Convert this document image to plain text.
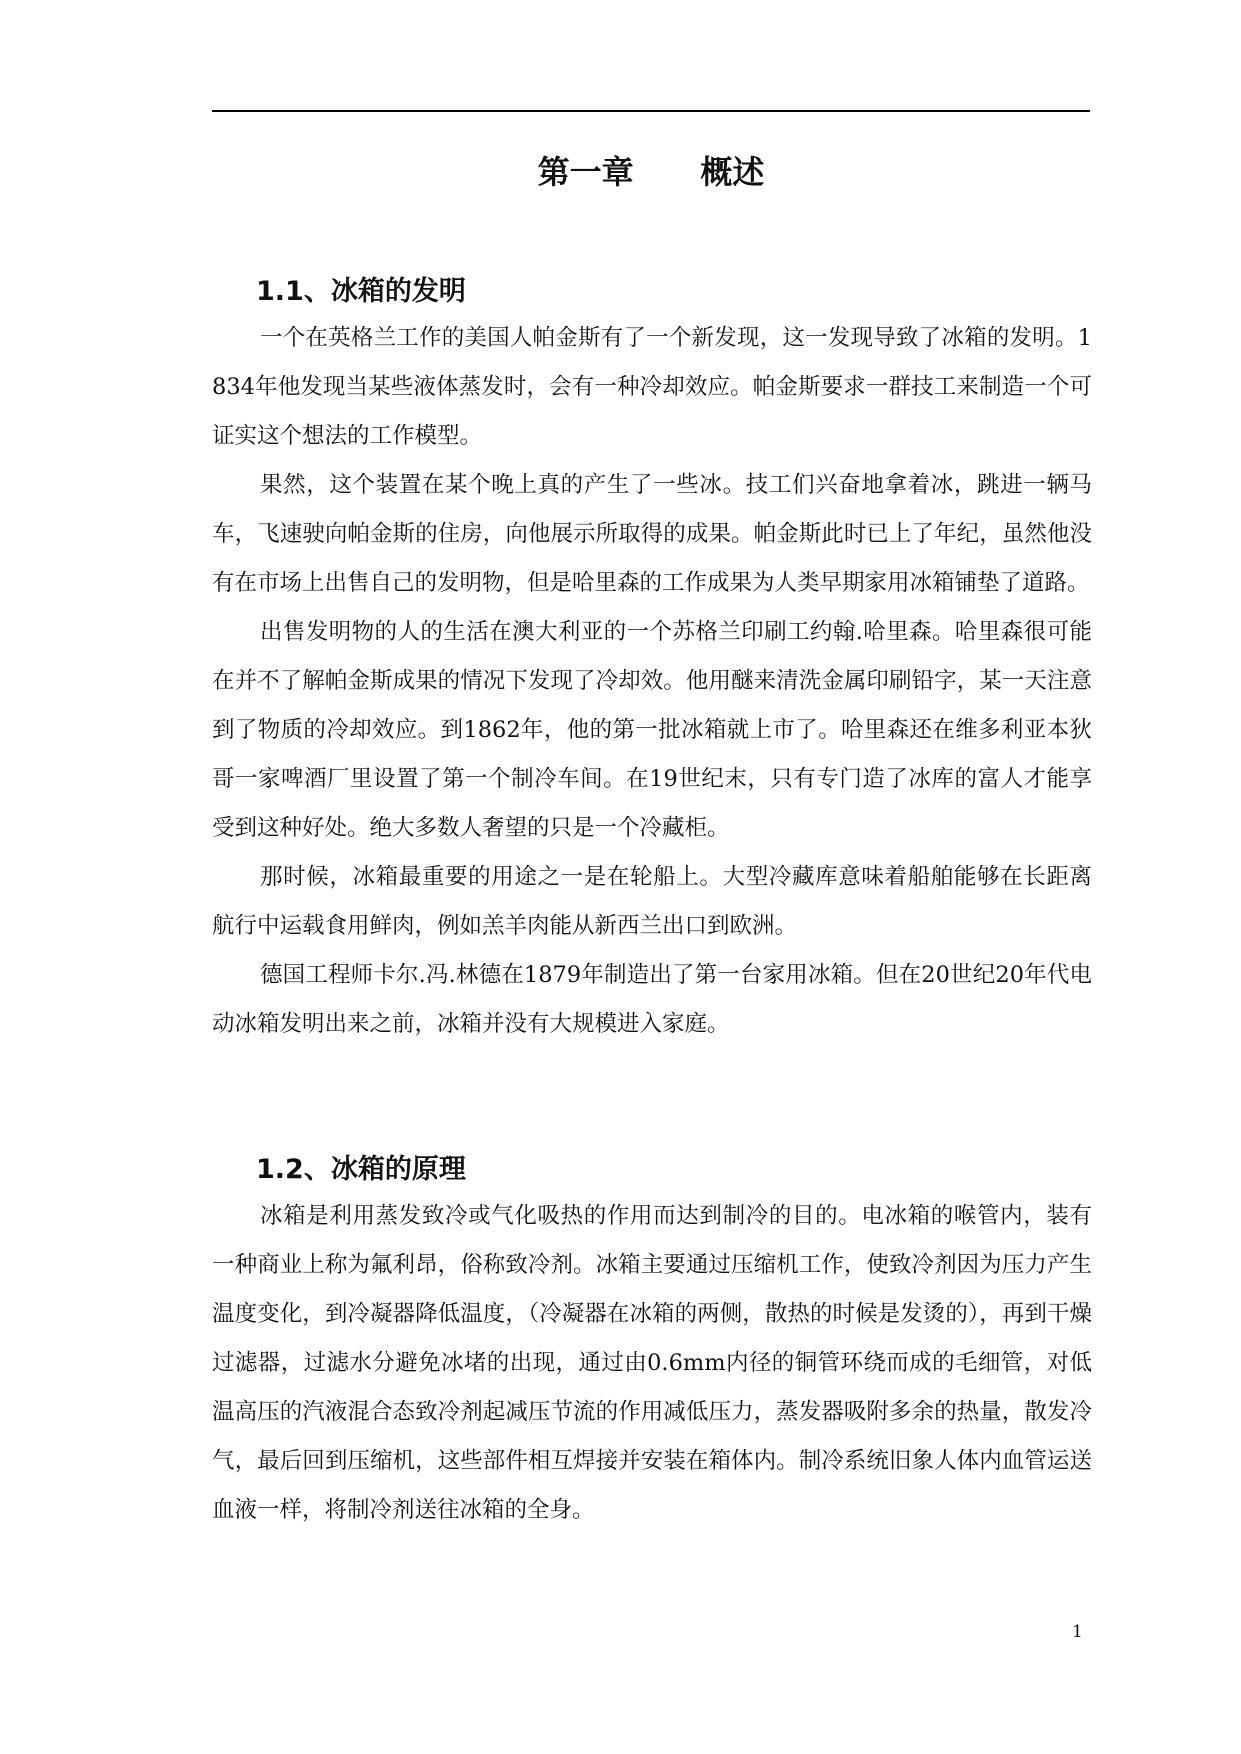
第一章      概述
1.1、冰箱的发明

一个在英格兰工作的美国人帕金斯有了一个新发现，这一发现导致了冰箱的发明。1834年他发现当某些液体蒸发时，会有一种冷却效应。帕金斯要求一群技工来制造一个可证实这个想法的工作模型。

果然，这个装置在某个晚上真的产生了一些冰。技工们兴奋地拿着冰，跳进一辆马车，飞速驶向帕金斯的住房，向他展示所取得的成果。帕金斯此时已上了年纪，虽然他没有在市场上出售自己的发明物，但是哈里森的工作成果为人类早期家用冰箱铺垫了道路。

出售发明物的人的生活在澳大利亚的一个苏格兰印刷工约翰.哈里森。哈里森很可能在并不了解帕金斯成果的情况下发现了冷却效。他用醚来清洗金属印刷铅字，某一天注意到了物质的冷却效应。到1862年，他的第一批冰箱就上市了。哈里森还在维多利亚本狄哥一家啤酒厂里设置了第一个制冷车间。在19世纪末，只有专门造了冰库的富人才能享受到这种好处。绝大多数人奢望的只是一个冷藏柜。

那时候，冰箱最重要的用途之一是在轮船上。大型冷藏库意味着船舶能够在长距离航行中运载食用鲜肉，例如羔羊肉能从新西兰出口到欧洲。

德国工程师卡尔.冯.林德在1879年制造出了第一台家用冰箱。但在20世纪20年代电动冰箱发明出来之前，冰箱并没有大规模进入家庭。

1.2、冰箱的原理

冰箱是利用蒸发致冷或气化吸热的作用而达到制冷的目的。电冰箱的喉管内，装有一种商业上称为氟利昂，俗称致冷剂。冰箱主要通过压缩机工作，使致冷剂因为压力产生温度变化，到冷凝器降低温度，（冷凝器在冰箱的两侧，散热的时候是发烫的），再到干燥过滤器，过滤水分避免冰堵的出现，通过由0.6mm内径的铜管环绕而成的毛细管，对低温高压的汽液混合态致冷剂起减压节流的作用减低压力，蒸发器吸附多余的热量，散发冷气，最后回到压缩机，这些部件相互焊接并安装在箱体内。制冷系统旧象人体内血管运送血液一样，将制冷剂送往冰箱的全身。

1
